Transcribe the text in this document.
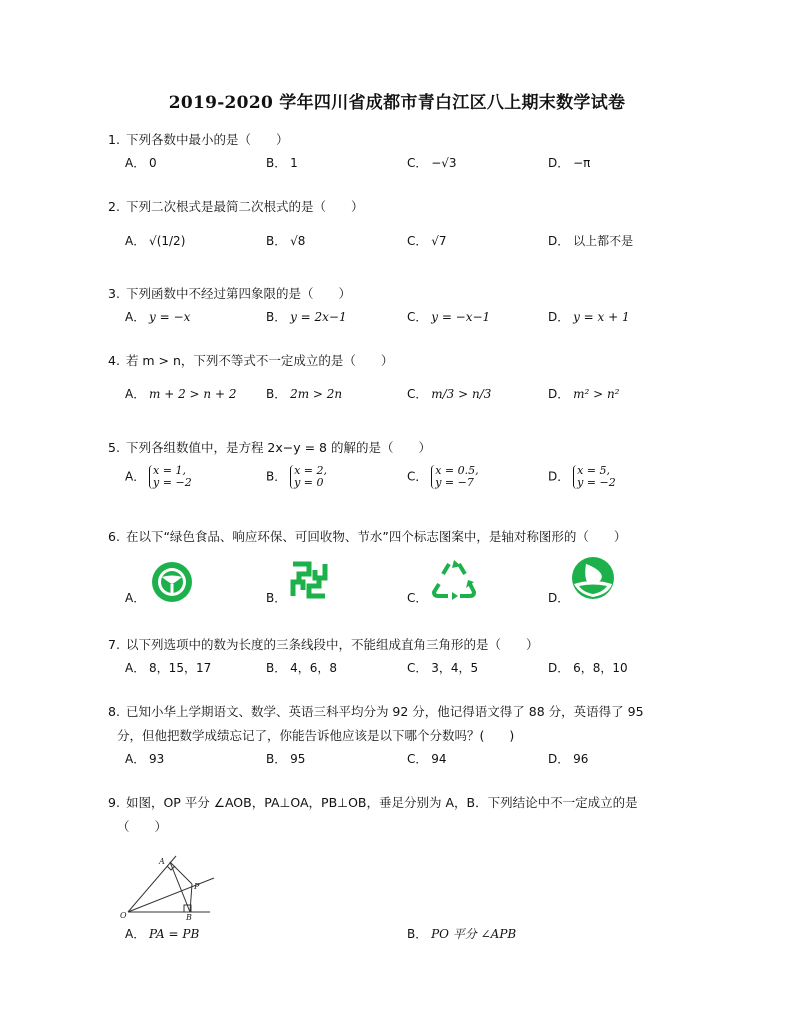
2019-2020 学年四川省成都市青白江区八上期末数学试卷
1. 下列各数中最小的是（　　）
A． 0	B． 1	C． −√3	D． −π
2. 下列二次根式是最简二次根式的是（　　）
A． √(1/2)	B． √8	C． √7	D． 以上都不是
3. 下列函数中不经过第四象限的是（　　）
A． y = −x	B． y = 2x−1	C． y = −x−1	D． y = x + 1
4. 若 m > n，下列不等式不一定成立的是（　　）
A． m + 2 > n + 2 B． 2m > 2n	C． m/3 > n/3	D． m² > n²
5. 下列各组数值中，是方程 2x−y = 8 的解的是（　　）
A． x = 1,
y = −2	B． x = 2,
y = 0	C． x = 0.5,
y = −7	D． x = 5,
y = −2
6. 在以下“绿色食品、响应环保、可回收物、节水”四个标志图案中，是轴对称图形的（　　）
A．	B．	C．	D．
7. 以下列选项中的数为长度的三条线段中，不能组成直角三角形的是（　　）
A． 8，15，17	B． 4，6，8	C． 3，4，5	D． 6，8，10
8. 已知小华上学期语文、数学、英语三科平均分为 92 分，他记得语文得了 88 分，英语得了 95
分，但他把数学成绩忘记了，你能告诉他应该是以下哪个分数吗？(　　)
A． 93	B． 95	C． 94	D． 96
9. 如图，OP 平分 ∠AOB，PA⊥OA，PB⊥OB，垂足分别为 A，B．下列结论中不一定成立的是
（　　）
A
P
O	B
A． PA = PB	B． PO 平分 ∠APB
